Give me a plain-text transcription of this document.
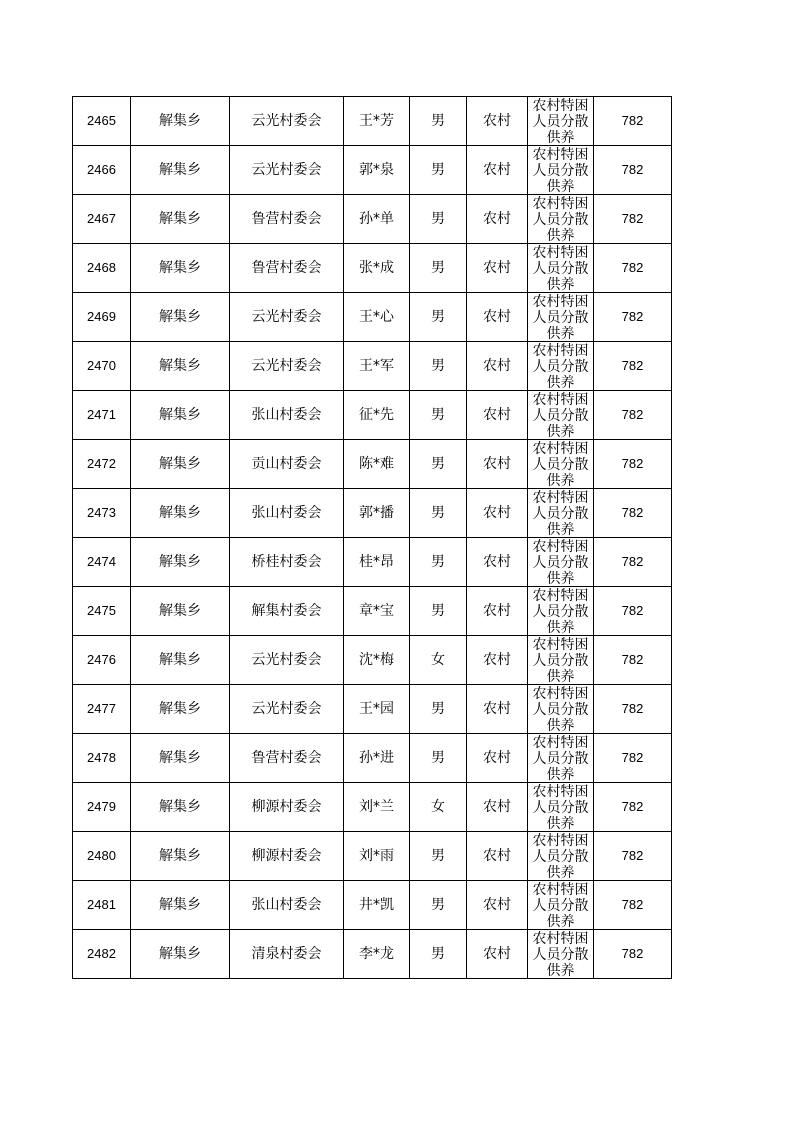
2465	解集乡	云光村委会	王*芳	男	农村	农村特困人员分散供养	782
2466	解集乡	云光村委会	郭*泉	男	农村	农村特困人员分散供养	782
2467	解集乡	鲁营村委会	孙*单	男	农村	农村特困人员分散供养	782
2468	解集乡	鲁营村委会	张*成	男	农村	农村特困人员分散供养	782
2469	解集乡	云光村委会	王*心	男	农村	农村特困人员分散供养	782
2470	解集乡	云光村委会	王*军	男	农村	农村特困人员分散供养	782
2471	解集乡	张山村委会	征*先	男	农村	农村特困人员分散供养	782
2472	解集乡	贡山村委会	陈*难	男	农村	农村特困人员分散供养	782
2473	解集乡	张山村委会	郭*播	男	农村	农村特困人员分散供养	782
2474	解集乡	桥桂村委会	桂*昂	男	农村	农村特困人员分散供养	782
2475	解集乡	解集村委会	章*宝	男	农村	农村特困人员分散供养	782
2476	解集乡	云光村委会	沈*梅	女	农村	农村特困人员分散供养	782
2477	解集乡	云光村委会	王*园	男	农村	农村特困人员分散供养	782
2478	解集乡	鲁营村委会	孙*进	男	农村	农村特困人员分散供养	782
2479	解集乡	柳源村委会	刘*兰	女	农村	农村特困人员分散供养	782
2480	解集乡	柳源村委会	刘*雨	男	农村	农村特困人员分散供养	782
2481	解集乡	张山村委会	井*凯	男	农村	农村特困人员分散供养	782
2482	解集乡	清泉村委会	李*龙	男	农村	农村特困人员分散供养	782
